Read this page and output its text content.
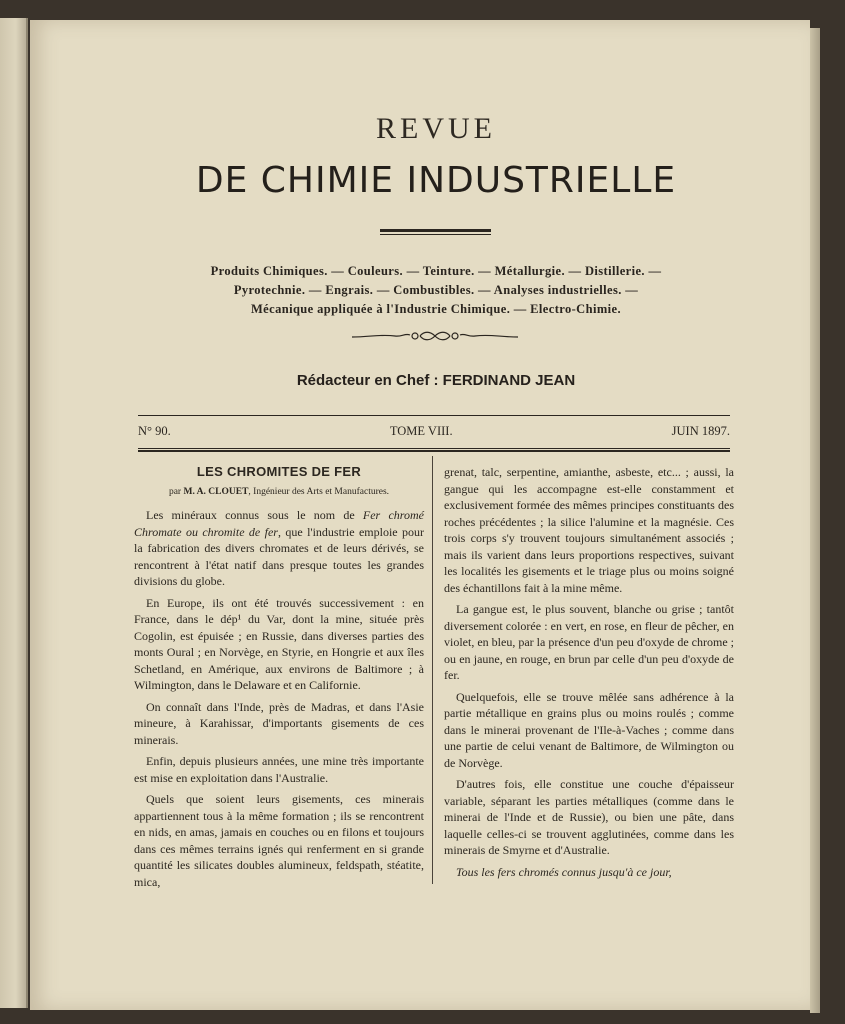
REVUE
DE CHIMIE INDUSTRIELLE
Produits Chimiques. — Couleurs. — Teinture. — Métallurgie. — Distillerie. —
Pyrotechnie. — Engrais. — Combustibles. — Analyses industrielles. —
Mécanique appliquée à l'Industrie Chimique. — Electro-Chimie.
Rédacteur en Chef : FERDINAND JEAN
N° 90.	TOME VIII.	JUIN 1897.
LES CHROMITES DE FER
par M. A. CLOUET, Ingénieur des Arts et Manufactures.

Les minéraux connus sous le nom de Fer chromé Chromate ou chromite de fer, que l'industrie emploie pour la fabrication des divers chromates et de leurs dérivés, se rencontrent à l'état natif dans presque toutes les grandes divisions du globe.

En Europe, ils ont été trouvés successivement : en France, dans le dép¹ du Var, dont la mine, située près Cogolin, est épuisée ; en Russie, dans diverses parties des monts Oural ; en Norvège, en Styrie, en Hongrie et aux îles Schetland, en Amérique, aux environs de Baltimore ; à Wilmington, dans le Delaware et en Californie.

On connaît dans l'Inde, près de Madras, et dans l'Asie mineure, à Karahissar, d'importants gisements de ces minerais.

Enfin, depuis plusieurs années, une mine très importante est mise en exploitation dans l'Australie.

Quels que soient leurs gisements, ces minerais appartiennent tous à la même formation ; ils se rencontrent en nids, en amas, jamais en couches ou en filons et toujours dans ces mêmes terrains ignés qui renferment en si grande quantité les silicates doubles alumineux, feldspath, stéatite, mica,

grenat, talc, serpentine, amianthe, asbeste, etc... ; aussi, la gangue qui les accompagne est-elle constamment et exclusivement formée des mêmes principes constituants des roches précédentes ; la silice l'alumine et la magnésie. Ces trois corps s'y trouvent toujours simultanément associés ; mais ils varient dans leurs proportions respectives, suivant les localités les gisements et le triage plus ou moins soigné des échantillons fait à la mine même.

La gangue est, le plus souvent, blanche ou grise ; tantôt diversement colorée : en vert, en rose, en fleur de pêcher, en violet, en bleu, par la présence d'un peu d'oxyde de chrome ; ou en jaune, en rouge, en brun par celle d'un peu d'oxyde de fer.

Quelquefois, elle se trouve mêlée sans adhérence à la partie métallique en grains plus ou moins roulés ; comme dans le minerai provenant de l'Ile-à-Vaches ; comme dans une partie de celui venant de Baltimore, de Wilmington ou de Norvège.

D'autres fois, elle constitue une couche d'épaisseur variable, séparant les parties métalliques (comme dans le minerai de l'Inde et de Russie), ou bien une pâte, dans laquelle celles-ci se trouvent agglutinées, comme dans les minerais de Smyrne et d'Australie.

Tous les fers chromés connus jusqu'à ce jour,
